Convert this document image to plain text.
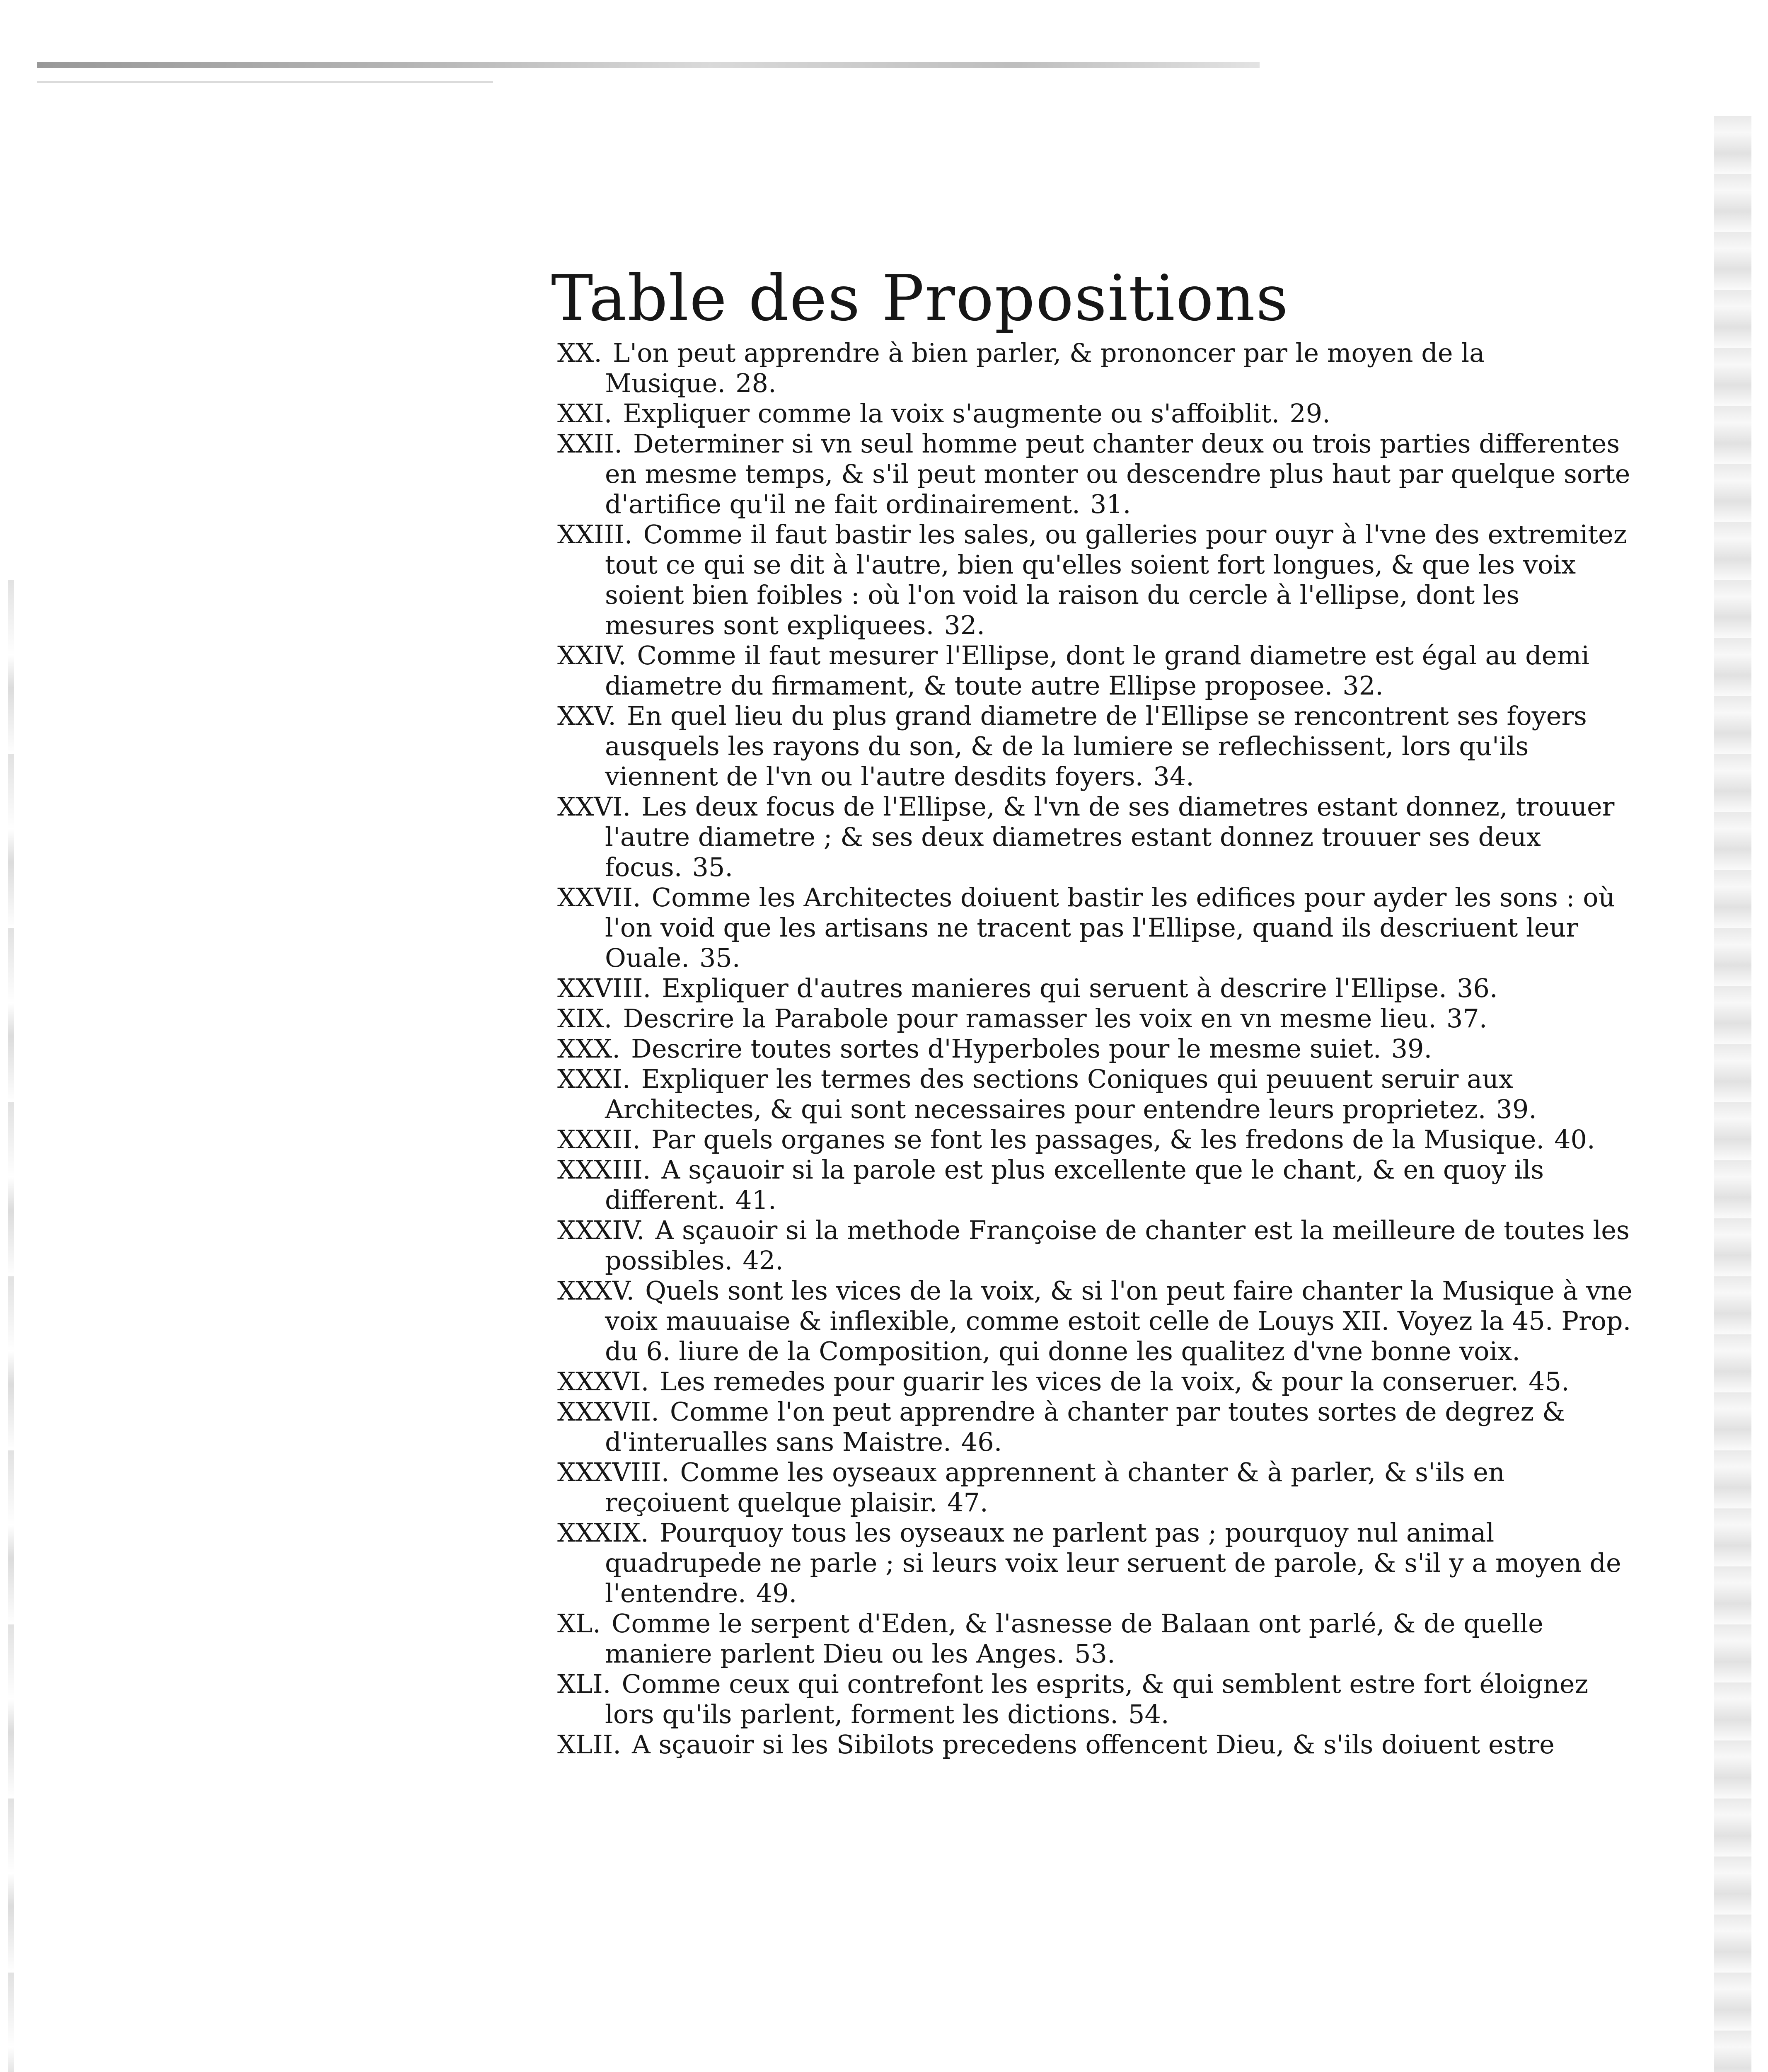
Table des Propositions

XX. L'on peut apprendre à bien parler, & prononcer par le moyen de la Musique. 28.

XXI. Expliquer comme la voix s'augmente ou s'affoiblit. 29.

XXII. Determiner si vn seul homme peut chanter deux ou trois parties differentes en mesme temps, & s'il peut monter ou descendre plus haut par quelque sorte d'artifice qu'il ne fait ordinairement. 31.

XXIII. Comme il faut bastir les sales, ou galleries pour ouyr à l'vne des extremitez tout ce qui se dit à l'autre, bien qu'elles soient fort longues, & que les voix soient bien foibles : où l'on void la raison du cercle à l'ellipse, dont les mesures sont expliquees. 32.

XXIV. Comme il faut mesurer l'Ellipse, dont le grand diametre est égal au demi diametre du firmament, & toute autre Ellipse proposee. 32.

XXV. En quel lieu du plus grand diametre de l'Ellipse se rencontrent ses foyers ausquels les rayons du son, & de la lumiere se reflechissent, lors qu'ils viennent de l'vn ou l'autre desdits foyers. 34.

XXVI. Les deux focus de l'Ellipse, & l'vn de ses diametres estant donnez, trouuer l'autre diametre ; & ses deux diametres estant donnez trouuer ses deux focus. 35.

XXVII. Comme les Architectes doiuent bastir les edifices pour ayder les sons : où l'on void que les artisans ne tracent pas l'Ellipse, quand ils descriuent leur Ouale. 35.

XXVIII. Expliquer d'autres manieres qui seruent à descrire l'Ellipse. 36.

XIX. Descrire la Parabole pour ramasser les voix en vn mesme lieu. 37.

XXX. Descrire toutes sortes d'Hyperboles pour le mesme suiet. 39.

XXXI. Expliquer les termes des sections Coniques qui peuuent seruir aux Architectes, & qui sont necessaires pour entendre leurs proprietez. 39.

XXXII. Par quels organes se font les passages, & les fredons de la Musique. 40.

XXXIII. A sçauoir si la parole est plus excellente que le chant, & en quoy ils different. 41.

XXXIV. A sçauoir si la methode Françoise de chanter est la meilleure de toutes les possibles. 42.

XXXV. Quels sont les vices de la voix, & si l'on peut faire chanter la Musique à vne voix mauuaise & inflexible, comme estoit celle de Louys XII. Voyez la 45. Prop. du 6. liure de la Composition, qui donne les qualitez d'vne bonne voix.

XXXVI. Les remedes pour guarir les vices de la voix, & pour la conseruer. 45.

XXXVII. Comme l'on peut apprendre à chanter par toutes sortes de degrez & d'interualles sans Maistre. 46.

XXXVIII. Comme les oyseaux apprennent à chanter & à parler, & s'ils en reçoiuent quelque plaisir. 47.

XXXIX. Pourquoy tous les oyseaux ne parlent pas ; pourquoy nul animal quadrupede ne parle ; si leurs voix leur seruent de parole, & s'il y a moyen de l'entendre. 49.

XL. Comme le serpent d'Eden, & l'asnesse de Balaan ont parlé, & de quelle maniere parlent Dieu ou les Anges. 53.

XLI. Comme ceux qui contrefont les esprits, & qui semblent estre fort éloignez lors qu'ils parlent, forment les dictions. 54.

XLII. A sçauoir si les Sibilots precedens offencent Dieu, & s'ils doiuent estre
